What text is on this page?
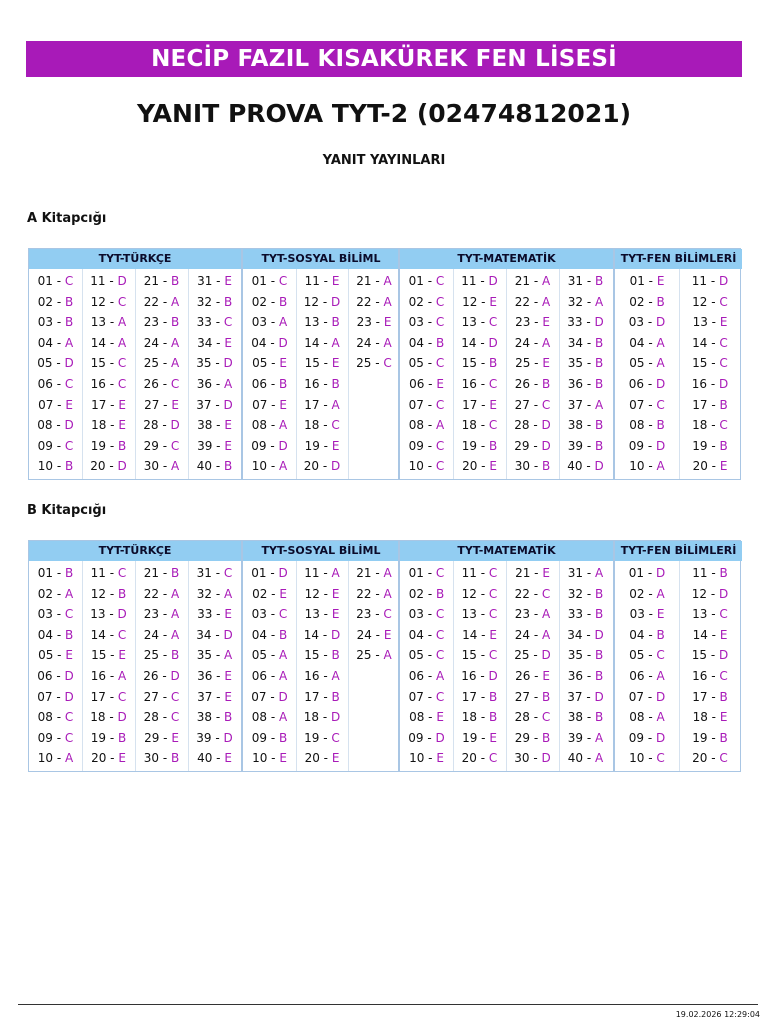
NECİP FAZIL KISAKÜREK FEN LİSESİ
YANIT PROVA TYT-2 (02474812021)
YANIT YAYINLARI
A Kitapcığı
TYT-TÜRKÇE
01 - C
02 - B
03 - B
04 - A
05 - D
06 - C
07 - E
08 - D
09 - C
10 - B
11 - D
12 - C
13 - A
14 - A
15 - C
16 - C
17 - E
18 - E
19 - B
20 - D
21 - B
22 - A
23 - B
24 - A
25 - A
26 - C
27 - E
28 - D
29 - C
30 - A
31 - E
32 - B
33 - C
34 - E
35 - D
36 - A
37 - D
38 - E
39 - E
40 - B
TYT-SOSYAL BİLİML
01 - C
02 - B
03 - A
04 - D
05 - E
06 - B
07 - E
08 - A
09 - D
10 - A
11 - E
12 - D
13 - B
14 - A
15 - E
16 - B
17 - A
18 - C
19 - E
20 - D
21 - A
22 - A
23 - E
24 - A
25 - C
TYT-MATEMATİK
01 - C
02 - C
03 - C
04 - B
05 - C
06 - E
07 - C
08 - A
09 - C
10 - C
11 - D
12 - E
13 - C
14 - D
15 - B
16 - C
17 - E
18 - C
19 - B
20 - E
21 - A
22 - A
23 - E
24 - A
25 - E
26 - B
27 - C
28 - D
29 - D
30 - B
31 - B
32 - A
33 - D
34 - B
35 - B
36 - B
37 - A
38 - B
39 - B
40 - D
TYT-FEN BİLİMLERİ
01 - E
02 - B
03 - D
04 - A
05 - A
06 - D
07 - C
08 - B
09 - D
10 - A
11 - D
12 - C
13 - E
14 - C
15 - C
16 - D
17 - B
18 - C
19 - B
20 - E
B Kitapcığı
TYT-TÜRKÇE
01 - B
02 - A
03 - C
04 - B
05 - E
06 - D
07 - D
08 - C
09 - C
10 - A
11 - C
12 - B
13 - D
14 - C
15 - E
16 - A
17 - C
18 - D
19 - B
20 - E
21 - B
22 - A
23 - A
24 - A
25 - B
26 - D
27 - C
28 - C
29 - E
30 - B
31 - C
32 - A
33 - E
34 - D
35 - A
36 - E
37 - E
38 - B
39 - D
40 - E
TYT-SOSYAL BİLİML
01 - D
02 - E
03 - C
04 - B
05 - A
06 - A
07 - D
08 - A
09 - B
10 - E
11 - A
12 - E
13 - E
14 - D
15 - B
16 - A
17 - B
18 - D
19 - C
20 - E
21 - A
22 - A
23 - C
24 - E
25 - A
TYT-MATEMATİK
01 - C
02 - B
03 - C
04 - C
05 - C
06 - A
07 - C
08 - E
09 - D
10 - E
11 - C
12 - C
13 - C
14 - E
15 - C
16 - D
17 - B
18 - B
19 - E
20 - C
21 - E
22 - C
23 - A
24 - A
25 - D
26 - E
27 - B
28 - C
29 - B
30 - D
31 - A
32 - B
33 - B
34 - D
35 - B
36 - B
37 - D
38 - B
39 - A
40 - A
TYT-FEN BİLİMLERİ
01 - D
02 - A
03 - E
04 - B
05 - C
06 - A
07 - D
08 - A
09 - D
10 - C
11 - B
12 - D
13 - C
14 - E
15 - D
16 - C
17 - B
18 - E
19 - B
20 - C
19.02.2026 12:29:04
